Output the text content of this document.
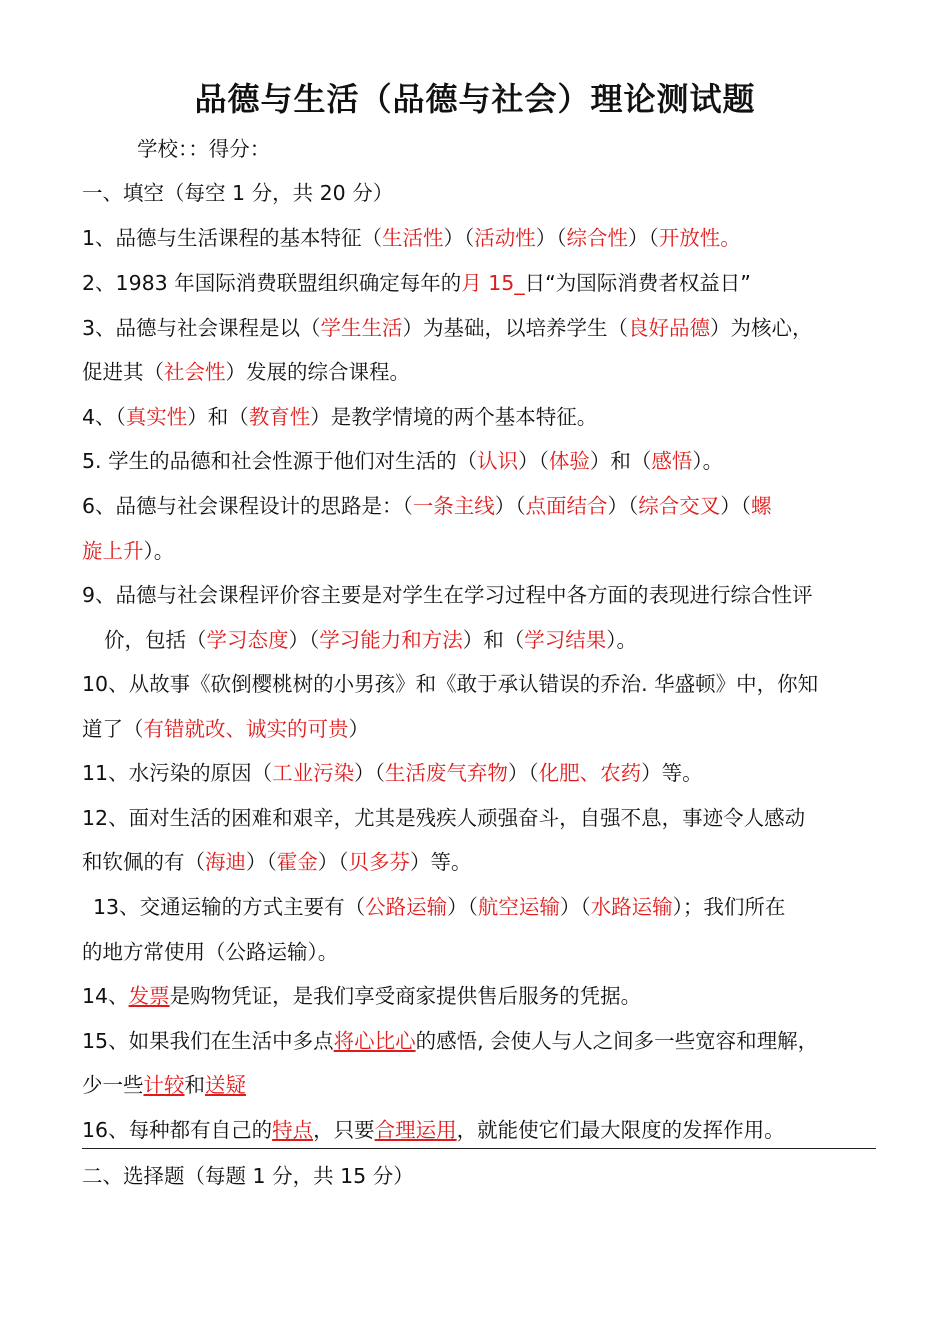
品德与生活（品德与社会）理论测试题
学校：：得分：
一、填空（每空 1 分，共 20 分）
1、品德与生活课程的基本特征（生活性）（活动性）（综合性）（开放性。
2、1983 年国际消费联盟组织确定每年的月 15_日“为国际消费者权益日”
3、品德与社会课程是以（学生生活）为基础，以培养学生（良好品德）为核心，
促进其（社会性）发展的综合课程。
4、（真实性）和（教育性）是教学情境的两个基本特征。
5. 学生的品德和社会性源于他们对生活的（认识）（体验）和（感悟）。
6、品德与社会课程设计的思路是：（一条主线）（点面结合）（综合交叉）（螺
旋上升）。
9、品德与社会课程评价容主要是对学生在学习过程中各方面的表现进行综合性评
价，包括（学习态度）（学习能力和方法）和（学习结果）。
10、从故事《砍倒樱桃树的小男孩》和《敢于承认错误的乔治. 华盛顿》中，你知
道了（有错就改、诚实的可贵）
11、水污染的原因（工业污染）（生活废气弃物）（化肥、农药）等。
12、面对生活的困难和艰辛，尤其是残疾人顽强奋斗，自强不息，事迹令人感动
和钦佩的有（海迪）（霍金）（贝多芬）等。
13、交通运输的方式主要有（公路运输）（航空运输）（水路运输）；我们所在
的地方常使用（公路运输）。
14、发票是购物凭证，是我们享受商家提供售后服务的凭据。
15、如果我们在生活中多点将心比心的感悟, 会使人与人之间多一些宽容和理解，
少一些计较和送疑
16、每种都有自己的特点，只要合理运用，就能使它们最大限度的发挥作用。
二、选择题（每题 1 分，共 15 分）
